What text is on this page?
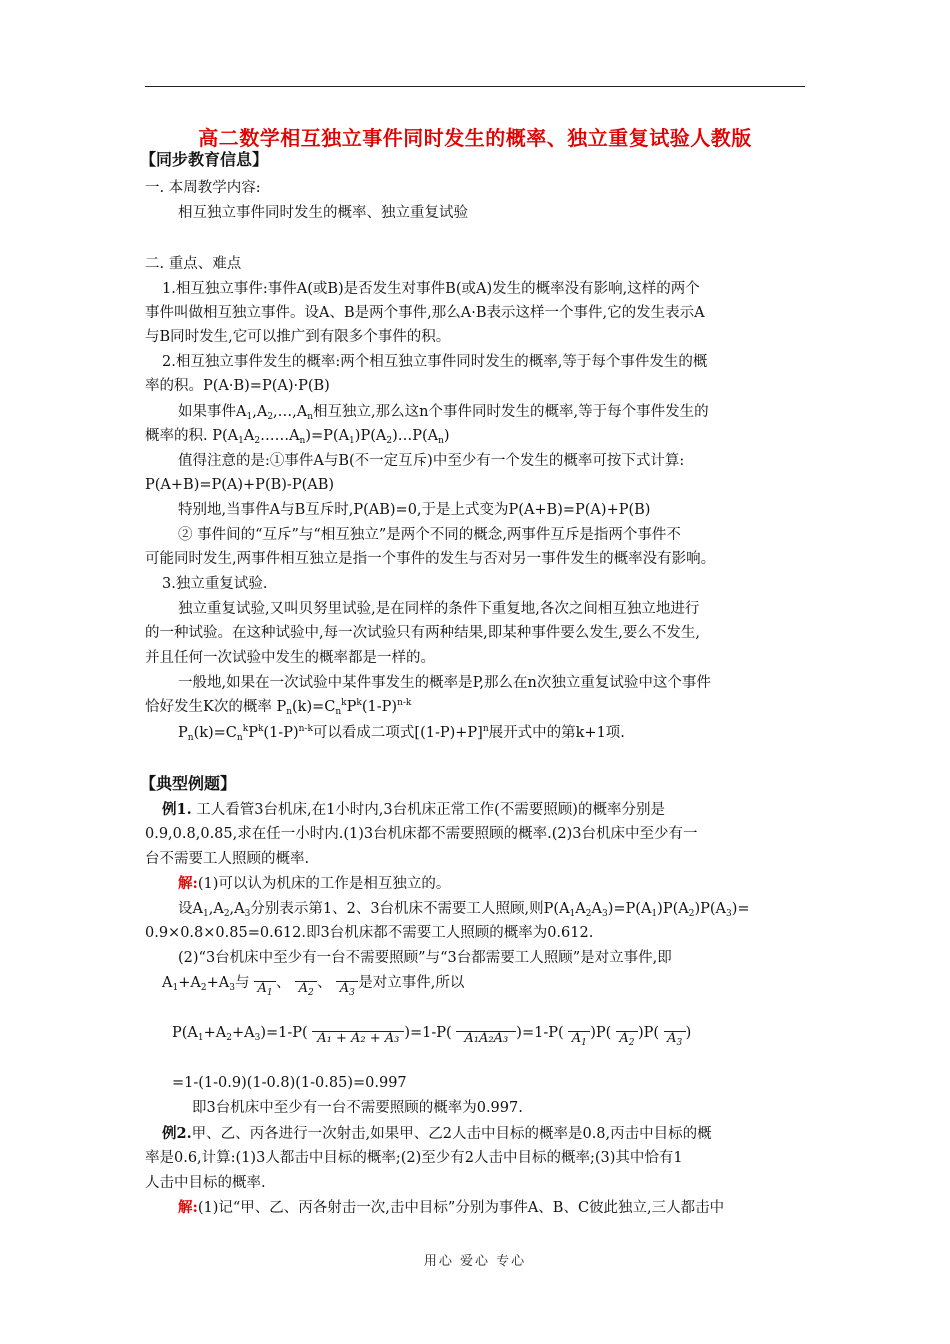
高二数学相互独立事件同时发生的概率、独立重复试验人教版
【同步教育信息】
一. 本周教学内容:
相互独立事件同时发生的概率、独立重复试验
二. 重点、难点
1.相互独立事件:事件A(或B)是否发生对事件B(或A)发生的概率没有影响,这样的两个
事件叫做相互独立事件。设A、B是两个事件,那么A·B表示这样一个事件,它的发生表示A
与B同时发生,它可以推广到有限多个事件的积。
2.相互独立事件发生的概率:两个相互独立事件同时发生的概率,等于每个事件发生的概
率的积。P(A·B)=P(A)·P(B)
如果事件$A_1,A_2,\dots,A_n$相互独立,那么这n个事件同时发生的概率,等于每个事件发生的
概率的积. $P(A_1A_2\dots\dots A_n)=P(A_1)P(A_2)\dots P(A_n)$
值得注意的是:①事件A与B(不一定互斥)中至少有一个发生的概率可按下式计算:
P(A+B)=P(A)+P(B)-P(AB)
特别地,当事件A与B互斥时,P(AB)=0,于是上式变为P(A+B)=P(A)+P(B)
② 事件间的“互斥”与“相互独立”是两个不同的概念,两事件互斥是指两个事件不
可能同时发生,两事件相互独立是指一个事件的发生与否对另一事件发生的概率没有影响。
3.独立重复试验.
独立重复试验,又叫贝努里试验,是在同样的条件下重复地,各次之间相互独立地进行
的一种试验。在这种试验中,每一次试验只有两种结果,即某种事件要么发生,要么不发生,
并且任何一次试验中发生的概率都是一样的。
一般地,如果在一次试验中某件事发生的概率是P,那么在n次独立重复试验中这个事件
恰好发生K次的概率 $P_n(k)=C_n^kP^k(1-P)^{n-k}$
$P_n(k)=C_n^kP^k(1-P)^{n-k}$可以看成二项式$[(1-P)+P]^n$展开式中的第k+1项.
【典型例题】
例1. 工人看管3台机床,在1小时内,3台机床正常工作(不需要照顾)的概率分别是
0.9,0.8,0.85,求在任一小时内.(1)3台机床都不需要照顾的概率.(2)3台机床中至少有一
台不需要工人照顾的概率.
解:(1)可以认为机床的工作是相互独立的。
设$A_1,A_2,A_3$分别表示第1、2、3台机床不需要工人照顾,则$P(A_1A_2A_3)=P(A_1)P(A_2)P(A_3)=$
0.9×0.8×0.85=0.612.即3台机床都不需要工人照顾的概率为0.612.
(2)“3台机床中至少有一台不需要照顾”与“3台都需要工人照顾”是对立事件,即
$A_1+A_2+A_3$与 $A_1$
、 $A_2$
、 $A_3$
是对立事件,所以
$P(A_1+A_2+A_3)=1-P$( A₁ + A₂ + A₃ )=1-P( A₁A₂A₃ )=1-P( $A_1$
)P( $A_2$
)P( $A_3$
)
=1-(1-0.9)(1-0.8)(1-0.85)=0.997
即3台机床中至少有一台不需要照顾的概率为0.997.
例2.甲、乙、丙各进行一次射击,如果甲、乙2人击中目标的概率是0.8,丙击中目标的概
率是0.6,计算:(1)3人都击中目标的概率;(2)至少有2人击中目标的概率;(3)其中恰有1
人击中目标的概率.
解:(1)记“甲、乙、丙各射击一次,击中目标”分别为事件A、B、C彼此独立,三人都击中
用心 爱心 专心
